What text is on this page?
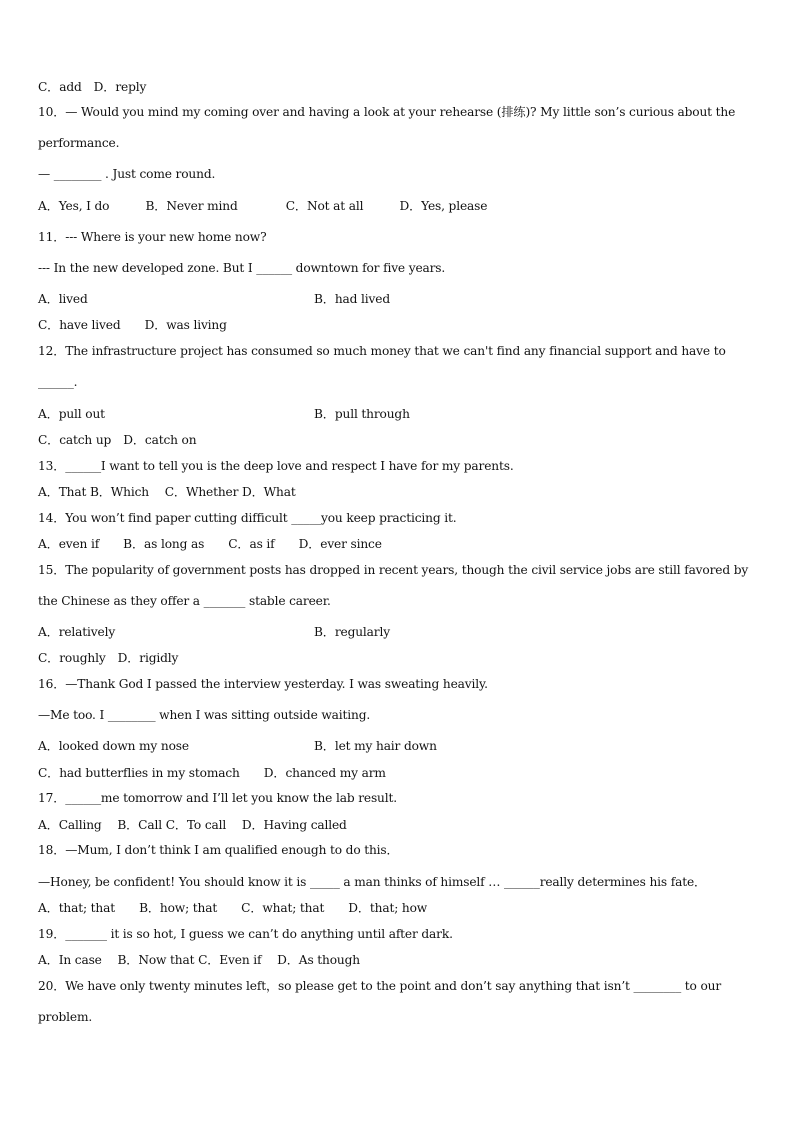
C．add　D．reply
10．— Would you mind my coming over and having a look at your rehearse (排练)? My little son’s curious about the
performance.
— ________ . Just come round.
A．Yes, I do　　　B．Never mind　　　　C．Not at all　　　D．Yes, please
11．--- Where is your new home now?
--- In the new developed zone. But I ______ downtown for five years.
A．lived	B．had lived
C．have lived　　D．was living
12．The infrastructure project has consumed so much money that we can't find any financial support and have to
______.
A．pull out	B．pull through
C．catch up　D．catch on
13．______I want to tell you is the deep love and respect I have for my parents.
A．That B．Which　 C．Whether D．What
14．You won’t find paper cutting difficult _____you keep practicing it.
A．even if　　B．as long as　　C．as if　　D．ever since
15．The popularity of government posts has dropped in recent years, though the civil service jobs are still favored by
the Chinese as they offer a _______ stable career.
A．relatively	B．regularly
C．roughly　D．rigidly
16．—Thank God I passed the interview yesterday. I was sweating heavily.
—Me too. I ________ when I was sitting outside waiting.
A．looked down my nose	B．let my hair down
C．had butterflies in my stomach　　D．chanced my arm
17．______me tomorrow and I’ll let you know the lab result.
A．Calling　 B．Call C．To call　 D．Having called
18．—Mum, I don’t think I am qualified enough to do this．
—Honey, be confident! You should know it is _____ a man thinks of himself … ______really determines his fate．
A．that; that　　B．how; that　　C．what; that　　D．that; how
19．_______ it is so hot, I guess we can’t do anything until after dark.
A．In case　 B．Now that C．Even if　 D．As though
20．We have only twenty minutes left，so please get to the point and don’t say anything that isn’t ________ to our
problem.
